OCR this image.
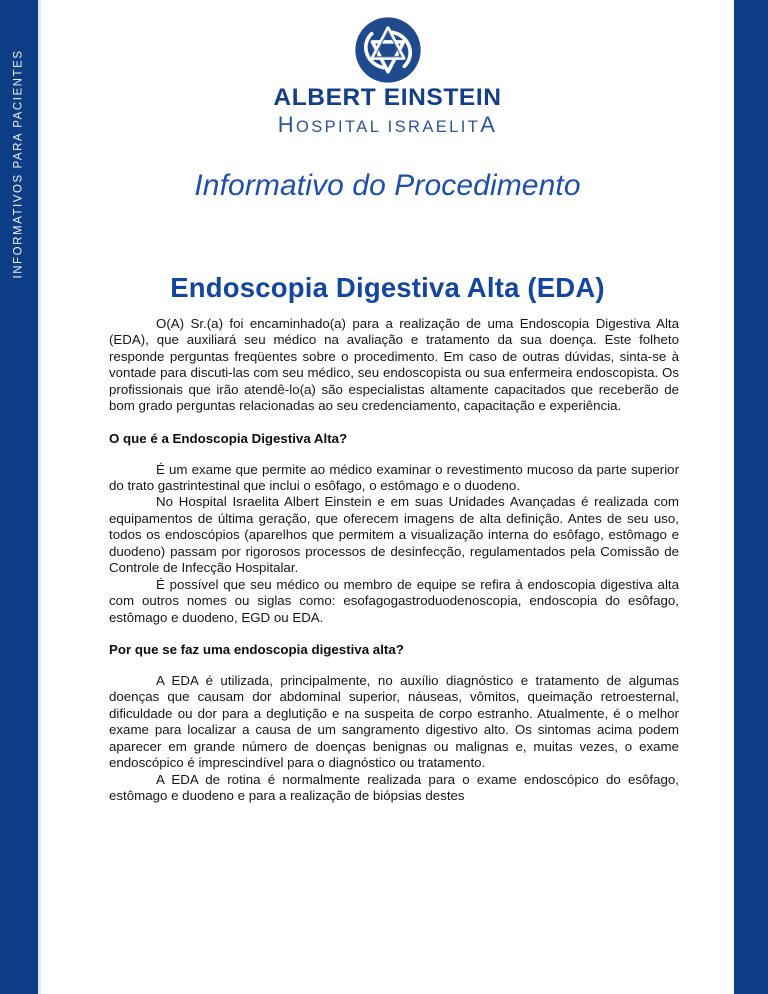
INFORMATIVOS PARA PACIENTES	ALBERT EINSTEIN
HOSPITAL ISRAELITA
Informativo do Procedimento
Endoscopia Digestiva Alta (EDA)

O(A) Sr.(a) foi encaminhado(a) para a realização de uma Endoscopia Digestiva Alta (EDA), que auxiliará seu médico na avaliação e tratamento da sua doença. Este folheto responde perguntas freqüentes sobre o procedimento. Em caso de outras dúvidas, sinta-se à vontade para discuti-las com seu médico, seu endoscopista ou sua enfermeira endoscopista. Os profissionais que irão atendê-lo(a) são especialistas altamente capacitados que receberão de bom grado perguntas relacionadas ao seu credenciamento, capacitação e experiência.

O que é a Endoscopia Digestiva Alta?

É um exame que permite ao médico examinar o revestimento mucoso da parte superior do trato gastrintestinal que inclui o esôfago, o estômago e o duodeno.

No Hospital Israelita Albert Einstein e em suas Unidades Avançadas é realizada com equipamentos de última geração, que oferecem imagens de alta definição. Antes de seu uso, todos os endoscópios (aparelhos que permitem a visualização interna do esôfago, estômago e duodeno) passam por rigorosos processos de desinfecção, regulamentados pela Comissão de Controle de Infecção Hospitalar.

É possível que seu médico ou membro de equipe se refira à endoscopia digestiva alta com outros nomes ou siglas como: esofagogastroduodenoscopia, endoscopia do esôfago, estômago e duodeno, EGD ou EDA.

Por que se faz uma endoscopia digestiva alta?

A EDA é utilizada, principalmente, no auxílio diagnóstico e tratamento de algumas doenças que causam dor abdominal superior, náuseas, vômitos, queimação retroesternal, dificuldade ou dor para a deglutição e na suspeita de corpo estranho. Atualmente, é o melhor exame para localizar a causa de um sangramento digestivo alto. Os sintomas acima podem aparecer em grande número de doenças benignas ou malignas e, muitas vezes, o exame endoscópico é imprescindível para o diagnóstico ou tratamento.

A EDA de rotina é normalmente realizada para o exame endoscópico do esôfago, estômago e duodeno e para a realização de biópsias destes
